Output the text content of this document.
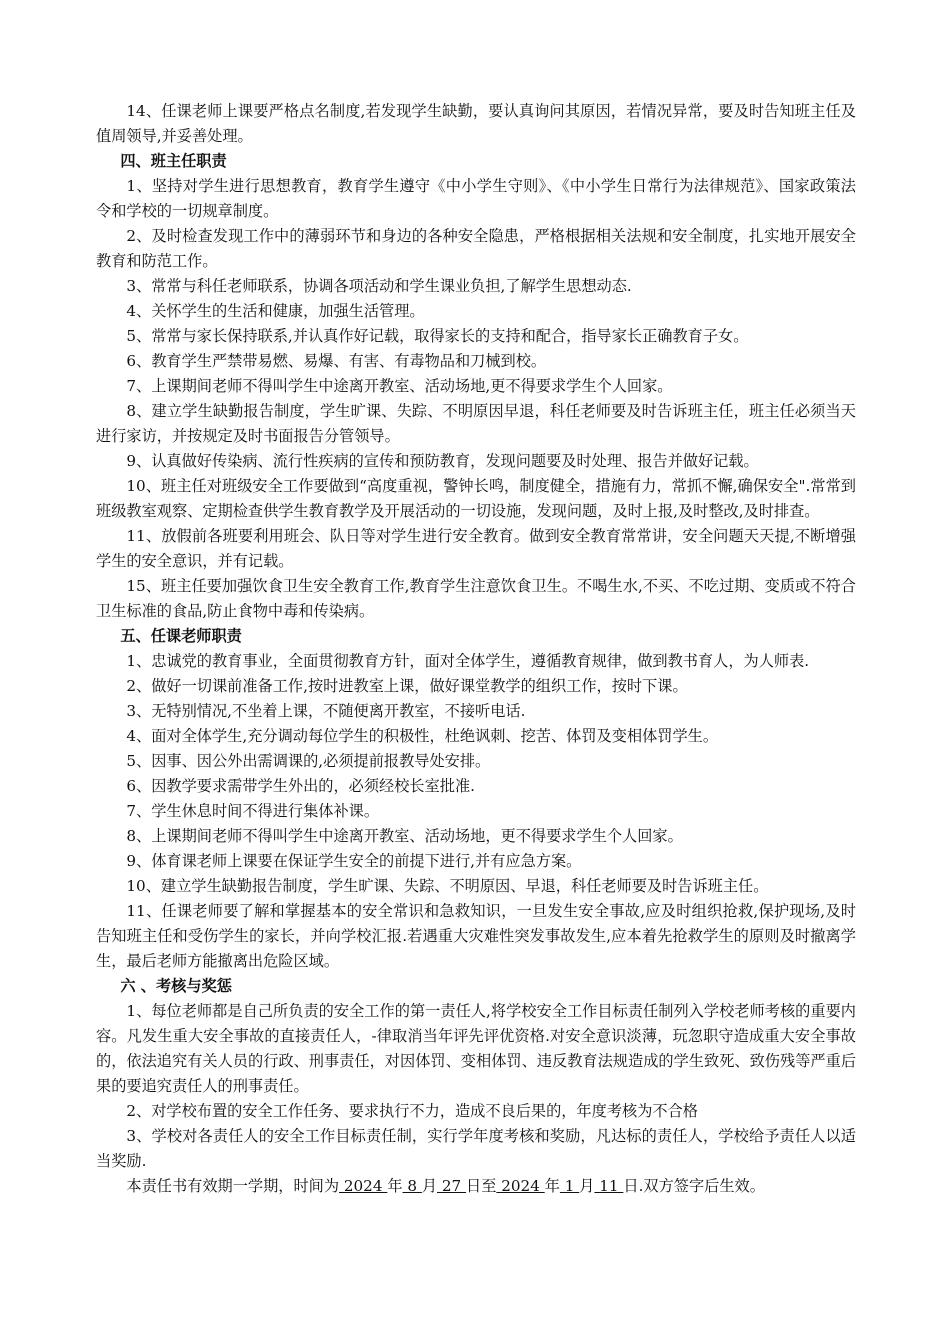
14、任课老师上课要严格点名制度,若发现学生缺勤，要认真询问其原因，若情况异常，要及时告知班主任及值周领导,并妥善处理。

四、班主任职责

1、坚持对学生进行思想教育，教育学生遵守《中小学生守则》、《中小学生日常行为法律规范》、国家政策法令和学校的一切规章制度。

2、及时检查发现工作中的薄弱环节和身边的各种安全隐患，严格根据相关法规和安全制度，扎实地开展安全教育和防范工作。

3、常常与科任老师联系，协调各项活动和学生课业负担,了解学生思想动态.

4、关怀学生的生活和健康，加强生活管理。

5、常常与家长保持联系,并认真作好记载，取得家长的支持和配合，指导家长正确教育子女。

6、教育学生严禁带易燃、易爆、有害、有毒物品和刀械到校。

7、上课期间老师不得叫学生中途离开教室、活动场地,更不得要求学生个人回家。

8、建立学生缺勤报告制度，学生旷课、失踪、不明原因早退，科任老师要及时告诉班主任，班主任必须当天进行家访，并按规定及时书面报告分管领导。

9、认真做好传染病、流行性疾病的宣传和预防教育，发现问题要及时处理、报告并做好记载。

10、班主任对班级安全工作要做到“高度重视，警钟长鸣，制度健全，措施有力，常抓不懈,确保安全".常常到班级教室观察、定期检查供学生教育教学及开展活动的一切设施，发现问题，及时上报,及时整改,及时排查。

11、放假前各班要利用班会、队日等对学生进行安全教育。做到安全教育常常讲，安全问题天天提,不断增强学生的安全意识，并有记载。

15、班主任要加强饮食卫生安全教育工作,教育学生注意饮食卫生。不喝生水,不买、不吃过期、变质或不符合卫生标准的食品,防止食物中毒和传染病。

五、任课老师职责

1、忠诚党的教育事业，全面贯彻教育方针，面对全体学生，遵循教育规律，做到教书育人，为人师表.

2、做好一切课前准备工作,按时进教室上课，做好课堂教学的组织工作，按时下课。

3、无特别情况,不坐着上课，不随便离开教室，不接听电话.

4、面对全体学生,充分调动每位学生的积极性，杜绝讽刺、挖苦、体罚及变相体罚学生。

5、因事、因公外出需调课的,必须提前报教导处安排。

6、因教学要求需带学生外出的，必须经校长室批准.

7、学生休息时间不得进行集体补课。

8、上课期间老师不得叫学生中途离开教室、活动场地，更不得要求学生个人回家。

9、体育课老师上课要在保证学生安全的前提下进行,并有应急方案。

10、建立学生缺勤报告制度，学生旷课、失踪、不明原因、早退，科任老师要及时告诉班主任。

11、任课老师要了解和掌握基本的安全常识和急救知识，一旦发生安全事故,应及时组织抢救,保护现场,及时告知班主任和受伤学生的家长，并向学校汇报.若遇重大灾难性突发事故发生,应本着先抢救学生的原则及时撤离学生，最后老师方能撤离出危险区域。

六 、考核与奖惩

1、每位老师都是自己所负责的安全工作的第一责任人,将学校安全工作目标责任制列入学校老师考核的重要内容。凡发生重大安全事故的直接责任人，-律取消当年评先评优资格.对安全意识淡薄，玩忽职守造成重大安全事故的，依法追究有关人员的行政、刑事责任，对因体罚、变相体罚、违反教育法规造成的学生致死、致伤残等严重后果的要追究责任人的刑事责任。

2、对学校布置的安全工作任务、要求执行不力，造成不良后果的，年度考核为不合格

3、学校对各责任人的安全工作目标责任制，实行学年度考核和奖励，凡达标的责任人，学校给予责任人以适当奖励.

本责任书有效期一学期，时间为 2024 年 8 月 27 日至 2024 年 1 月 11 日.双方签字后生效。
